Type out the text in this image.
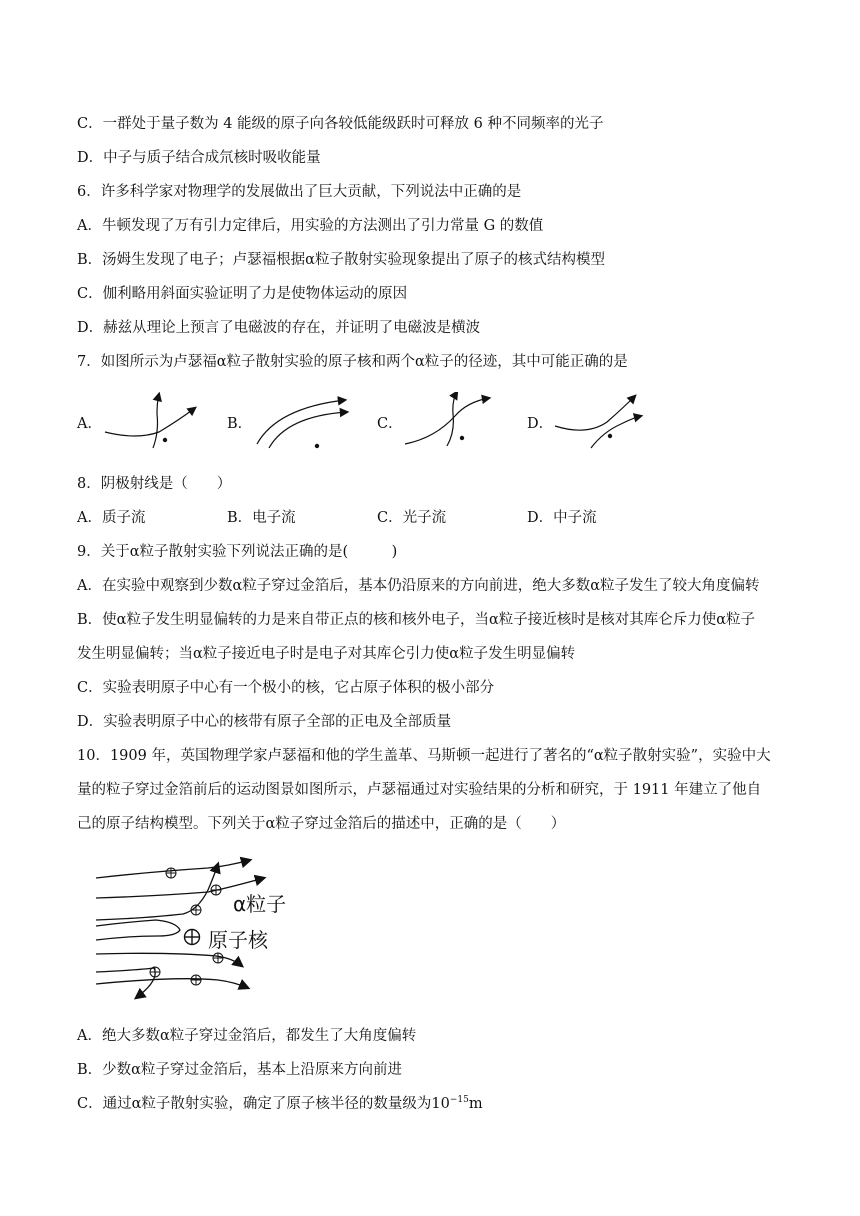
C．一群处于量子数为 4 能级的原子向各较低能级跃时可释放 6 种不同频率的光子
D．中子与质子结合成氘核时吸收能量
6．许多科学家对物理学的发展做出了巨大贡献，下列说法中正确的是
A．牛顿发现了万有引力定律后，用实验的方法测出了引力常量 G 的数值
B．汤姆生发现了电子；卢瑟福根据α粒子散射实验现象提出了原子的核式结构模型
C．伽利略用斜面实验证明了力是使物体运动的原因
D．赫兹从理论上预言了电磁波的存在，并证明了电磁波是横波
7．如图所示为卢瑟福α粒子散射实验的原子核和两个α粒子的径迹，其中可能正确的是
A．	B．	C．	D．
8．阴极射线是（　　）
A．质子流	B．电子流	C．光子流	D．中子流
9．关于α粒子散射实验下列说法正确的是(　　　)
A．在实验中观察到少数α粒子穿过金箔后，基本仍沿原来的方向前进，绝大多数α粒子发生了较大角度偏转
B．使α粒子发生明显偏转的力是来自带正点的核和核外电子，当α粒子接近核时是核对其库仑斥力使α粒子
发生明显偏转；当α粒子接近电子时是电子对其库仑引力使α粒子发生明显偏转
C．实验表明原子中心有一个极小的核，它占原子体积的极小部分
D．实验表明原子中心的核带有原子全部的正电及全部质量
10．1909 年，英国物理学家卢瑟福和他的学生盖革、马斯顿一起进行了著名的“α粒子散射实验”，实验中大
量的粒子穿过金箔前后的运动图景如图所示，卢瑟福通过对实验结果的分析和研究，于 1911 年建立了他自
己的原子结构模型。下列关于α粒子穿过金箔后的描述中，正确的是（　　）
α粒子
原子核
A．绝大多数α粒子穿过金箔后，都发生了大角度偏转
B．少数α粒子穿过金箔后，基本上沿原来方向前进
C．通过α粒子散射实验，确定了原子核半径的数量级为$10^{-15}m$
